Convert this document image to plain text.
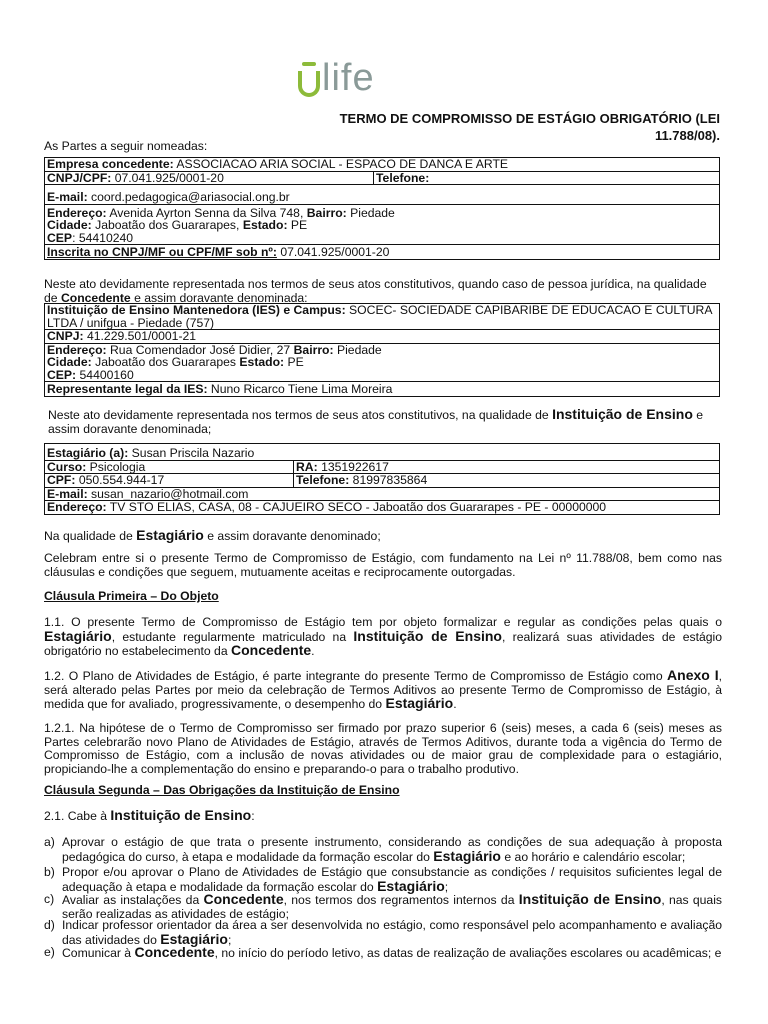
life
TERMO DE COMPROMISSO DE ESTÁGIO OBRIGATÓRIO (LEI 11.788/08).
As Partes a seguir nomeadas:
Empresa concedente: ASSOCIACAO ARIA SOCIAL - ESPACO DE DANCA E ARTE
CNPJ/CPF: 07.041.925/0001-20	Telefone:
E-mail: coord.pedagogica@ariasocial.ong.br

Endereço: Avenida Ayrton Senna da Silva 748, Bairro: Piedade
Cidade: Jaboatão dos Guararapes, Estado: PE
CEP: 54410240

Inscrita no CNPJ/MF ou CPF/MF sob nº: 07.041.925/0001-20
Neste ato devidamente representada nos termos de seus atos constitutivos, quando caso de pessoa jurídica, na qualidade de Concedente e assim doravante denominada:
Instituição de Ensino Mantenedora (IES) e Campus: SOCEC- SOCIEDADE CAPIBARIBE DE EDUCACAO E CULTURA LTDA / unifgua - Piedade (757)
CNPJ: 41.229.501/0001-21

Endereço: Rua Comendador José Didier, 27 Bairro: Piedade
Cidade: Jaboatão dos Guararapes Estado: PE
CEP: 54400160

Representante legal da IES: Nuno Ricarco Tiene Lima Moreira
Neste ato devidamente representada nos termos de seus atos constitutivos, na qualidade de Instituição de Ensino e assim doravante denominada;
Estagiário (a): Susan Priscila Nazario	
Curso: Psicologia	RA: 1351922617
CPF: 050.554.944-17	Telefone: 81997835864
E-mail: susan_nazario@hotmail.com	
Endereço: TV STO ELIAS, CASA, 08 - CAJUEIRO SECO - Jaboatão dos Guararapes - PE - 00000000	
Na qualidade de Estagiário e assim doravante denominado;
Celebram entre si o presente Termo de Compromisso de Estágio, com fundamento na Lei nº 11.788/08, bem como nas cláusulas e condições que seguem, mutuamente aceitas e reciprocamente outorgadas.
Cláusula Primeira – Do Objeto
1.1. O presente Termo de Compromisso de Estágio tem por objeto formalizar e regular as condições pelas quais o Estagiário, estudante regularmente matriculado na Instituição de Ensino, realizará suas atividades de estágio obrigatório no estabelecimento da Concedente.
1.2. O Plano de Atividades de Estágio, é parte integrante do presente Termo de Compromisso de Estágio como Anexo I, será alterado pelas Partes por meio da celebração de Termos Aditivos ao presente Termo de Compromisso de Estágio, à medida que for avaliado, progressivamente, o desempenho do Estagiário.
1.2.1. Na hipótese de o Termo de Compromisso ser firmado por prazo superior 6 (seis) meses, a cada 6 (seis) meses as Partes celebrarão novo Plano de Atividades de Estágio, através de Termos Aditivos, durante toda a vigência do Termo de Compromisso de Estágio, com a inclusão de novas atividades ou de maior grau de complexidade para o estagiário, propiciando-lhe a complementação do ensino e preparando-o para o trabalho produtivo.
Cláusula Segunda – Das Obrigações da Instituição de Ensino
2.1. Cabe à Instituição de Ensino:
a) Aprovar o estágio de que trata o presente instrumento, considerando as condições de sua adequação à proposta pedagógica do curso, à etapa e modalidade da formação escolar do Estagiário e ao horário e calendário escolar;
b) Propor e/ou aprovar o Plano de Atividades de Estágio que consubstancie as condições / requisitos suficientes legal de adequação à etapa e modalidade da formação escolar do Estagiário;
c) Avaliar as instalações da Concedente, nos termos dos regramentos internos da Instituição de Ensino, nas quais serão realizadas as atividades de estágio;
d) Indicar professor orientador da área a ser desenvolvida no estágio, como responsável pelo acompanhamento e avaliação das atividades do Estagiário;
e) Comunicar à Concedente, no início do período letivo, as datas de realização de avaliações escolares ou acadêmicas; e
